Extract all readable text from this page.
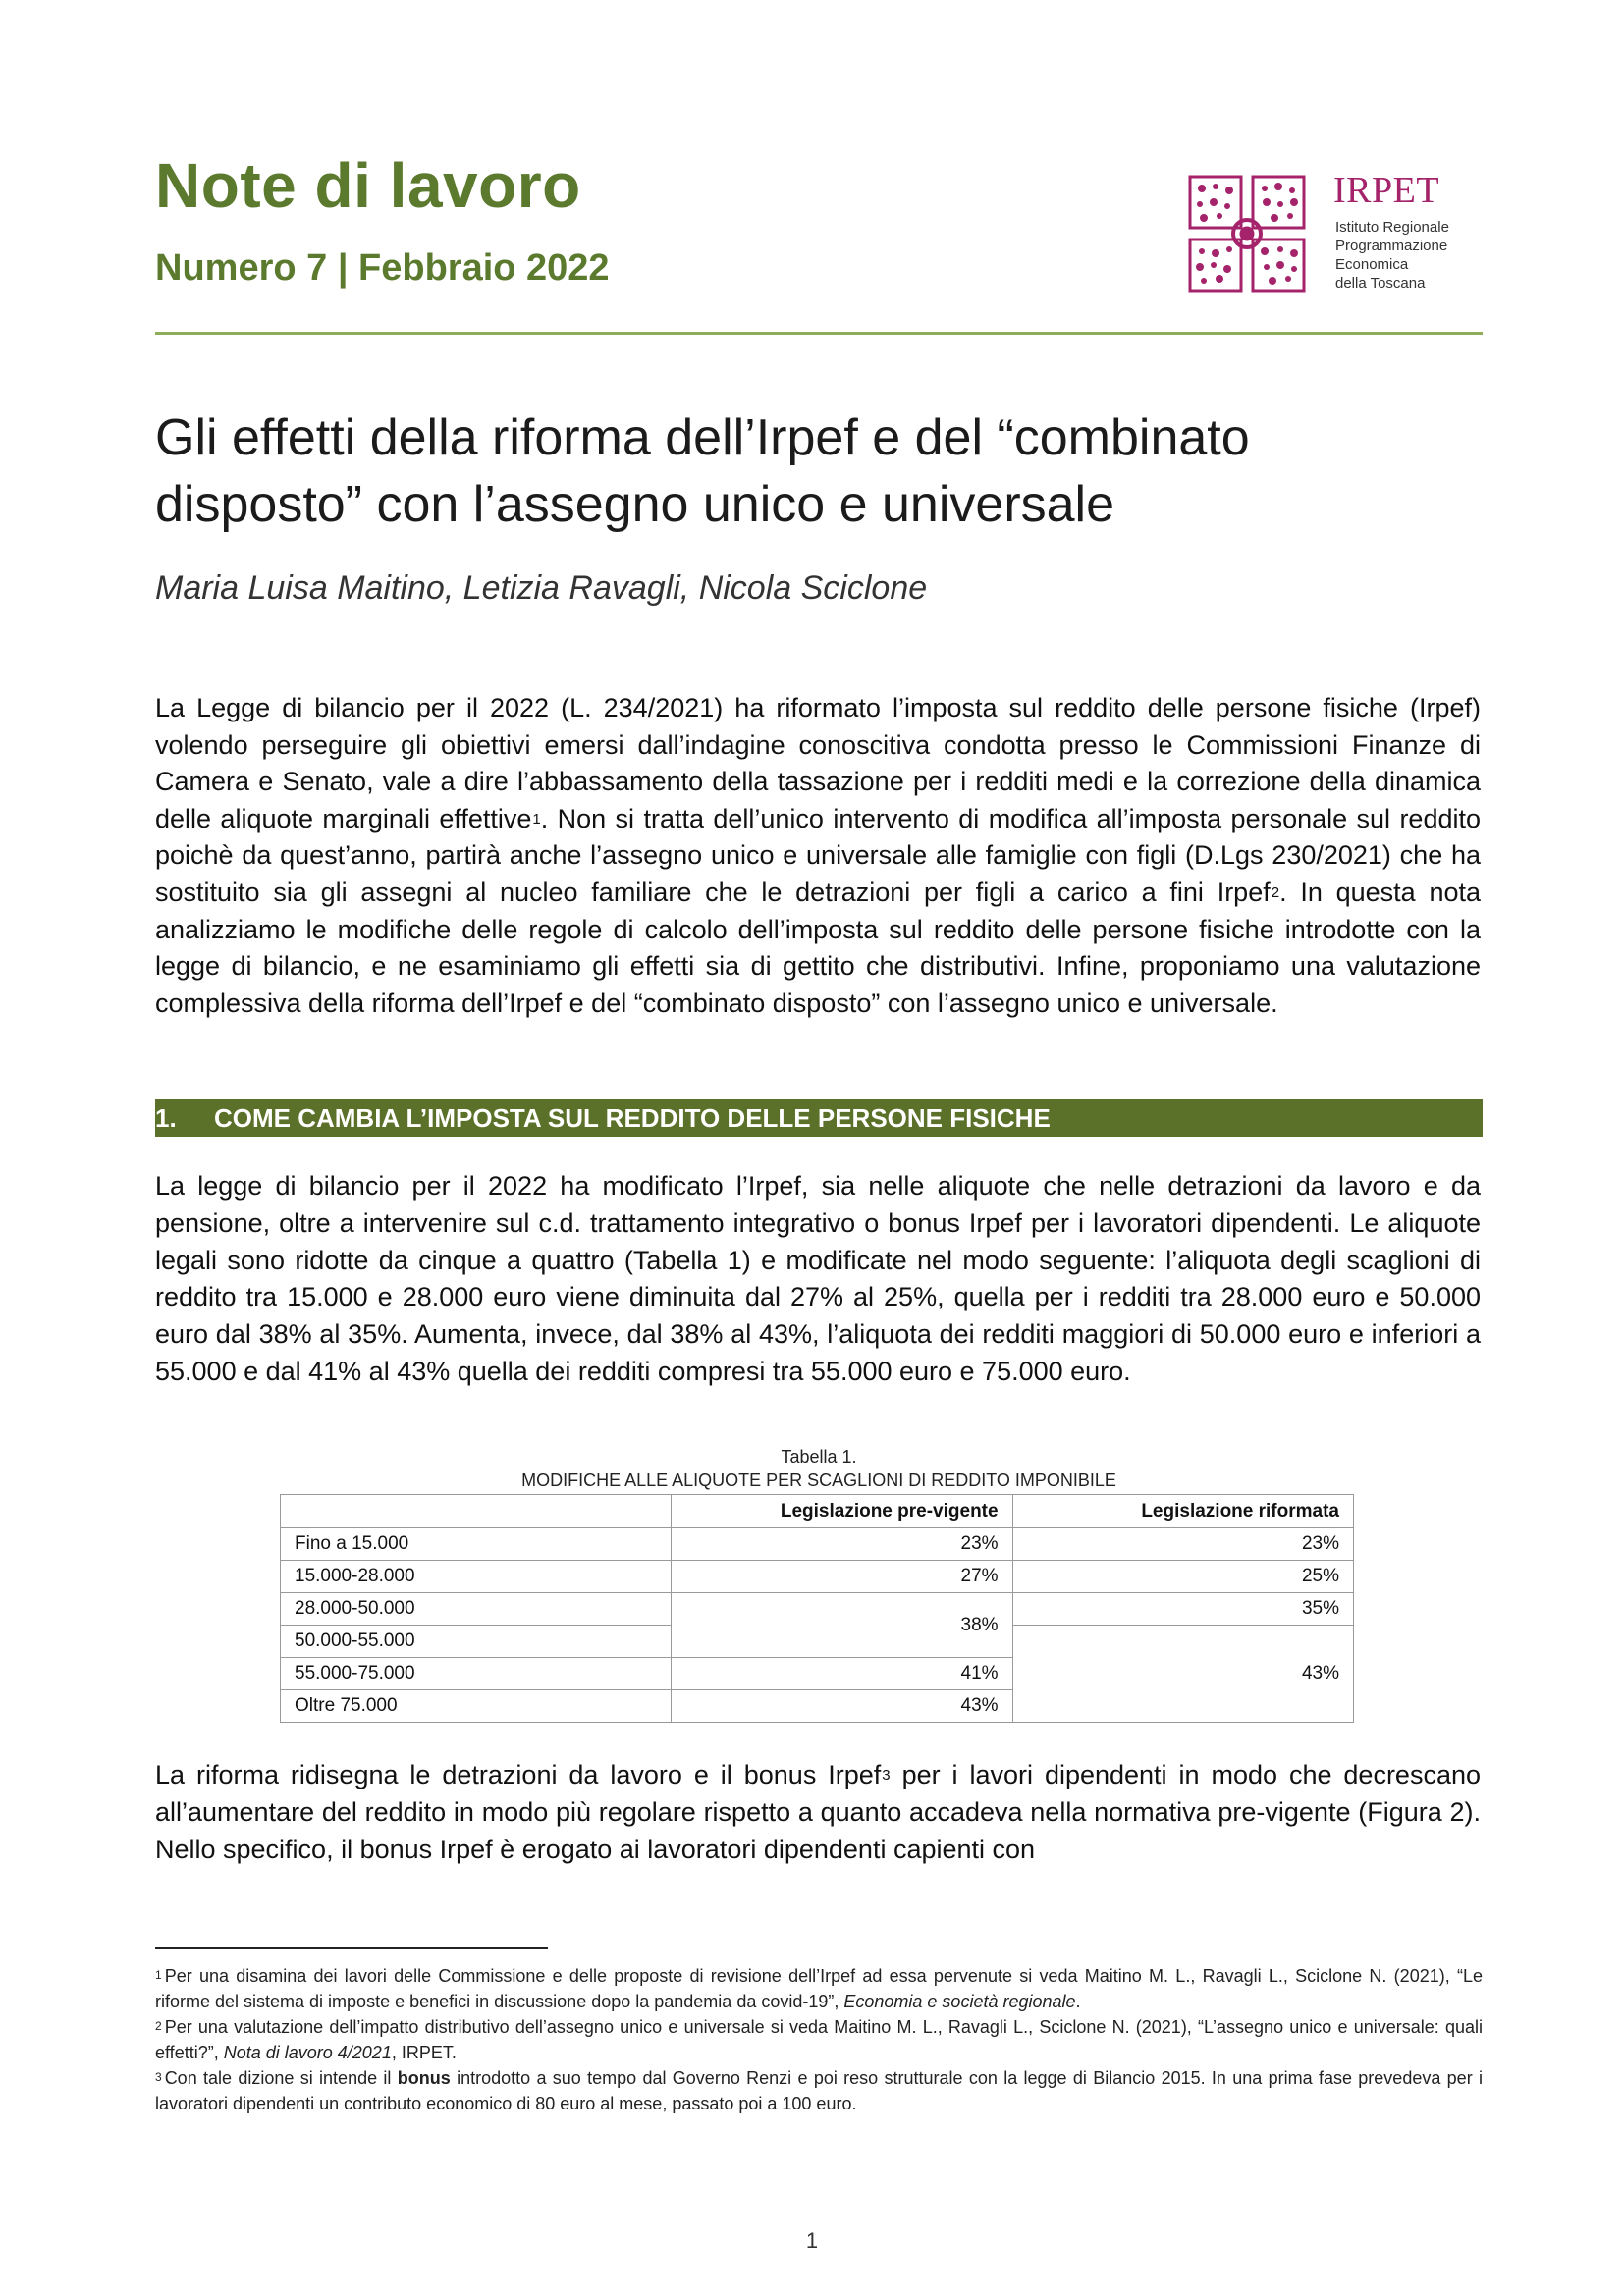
Note di lavoro
Numero 7 | Febbraio 2022
IRPET
Istituto Regionale
Programmazione
Economica
della Toscana
Gli effetti della riforma dell’Irpef e del “combinato
disposto” con l’assegno unico e universale
Maria Luisa Maitino, Letizia Ravagli, Nicola Sciclone

La Legge di bilancio per il 2022 (L. 234/2021) ha riformato l’imposta sul reddito delle persone fisiche (Irpef) volendo perseguire gli obiettivi emersi dall’indagine conoscitiva condotta presso le Commissioni Finanze di Camera e Senato, vale a dire l’abbassamento della tassazione per i redditi medi e la correzione della dinamica delle aliquote marginali effettive$^1$. Non si tratta dell’unico intervento di modifica all’imposta personale sul reddito poichè da quest’anno, partirà anche l’assegno unico e universale alle famiglie con figli (D.Lgs 230/2021) che ha sostituito sia gli assegni al nucleo familiare che le detrazioni per figli a carico a fini Irpef$^2$. In questa nota analizziamo le modifiche delle regole di calcolo dell’imposta sul reddito delle persone fisiche introdotte con la legge di bilancio, e ne esaminiamo gli effetti sia di gettito che distributivi. Infine, proponiamo una valutazione complessiva della riforma dell’Irpef e del “combinato disposto” con l’assegno unico e universale.

1. COME CAMBIA L’IMPOSTA SUL REDDITO DELLE PERSONE FISICHE

La legge di bilancio per il 2022 ha modificato l’Irpef, sia nelle aliquote che nelle detrazioni da lavoro e da pensione, oltre a intervenire sul c.d. trattamento integrativo o bonus Irpef per i lavoratori dipendenti. Le aliquote legali sono ridotte da cinque a quattro (Tabella 1) e modificate nel modo seguente: l’aliquota degli scaglioni di reddito tra 15.000 e 28.000 euro viene diminuita dal 27% al 25%, quella per i redditi tra 28.000 euro e 50.000 euro dal 38% al 35%. Aumenta, invece, dal 38% al 43%, l’aliquota dei redditi maggiori di 50.000 euro e inferiori a 55.000 e dal 41% al 43% quella dei redditi compresi tra 55.000 euro e 75.000 euro.

Tabella 1.
MODIFICHE ALLE ALIQUOTE PER SCAGLIONI DI REDDITO IMPONIBILE
	Legislazione pre-vigente	Legislazione riformata
Fino a 15.000	23%	23%
15.000-28.000	27%	25%
28.000-50.000	38%	35%
50.000-55.000		43%
55.000-75.000	41%	
Oltre 75.000	43%	

La riforma ridisegna le detrazioni da lavoro e il bonus Irpef$^3$ per i lavori dipendenti in modo che decrescano all’aumentare del reddito in modo più regolare rispetto a quanto accadeva nella normativa pre-vigente (Figura 2). Nello specifico, il bonus Irpef è erogato ai lavoratori dipendenti capienti con

$^1$ Per una disamina dei lavori delle Commissione e delle proposte di revisione dell’Irpef ad essa pervenute si veda Maitino M. L., Ravagli L., Sciclone N. (2021), “Le riforme del sistema di imposte e benefici in discussione dopo la pandemia da covid-19”, Economia e società regionale.

$^2$ Per una valutazione dell’impatto distributivo dell’assegno unico e universale si veda Maitino M. L., Ravagli L., Sciclone N. (2021), “L’assegno unico e universale: quali effetti?”, Nota di lavoro 4/2021, IRPET.

$^3$ Con tale dizione si intende il bonus introdotto a suo tempo dal Governo Renzi e poi reso strutturale con la legge di Bilancio 2015. In una prima fase prevedeva per i lavoratori dipendenti un contributo economico di 80 euro al mese, passato poi a 100 euro.

1
